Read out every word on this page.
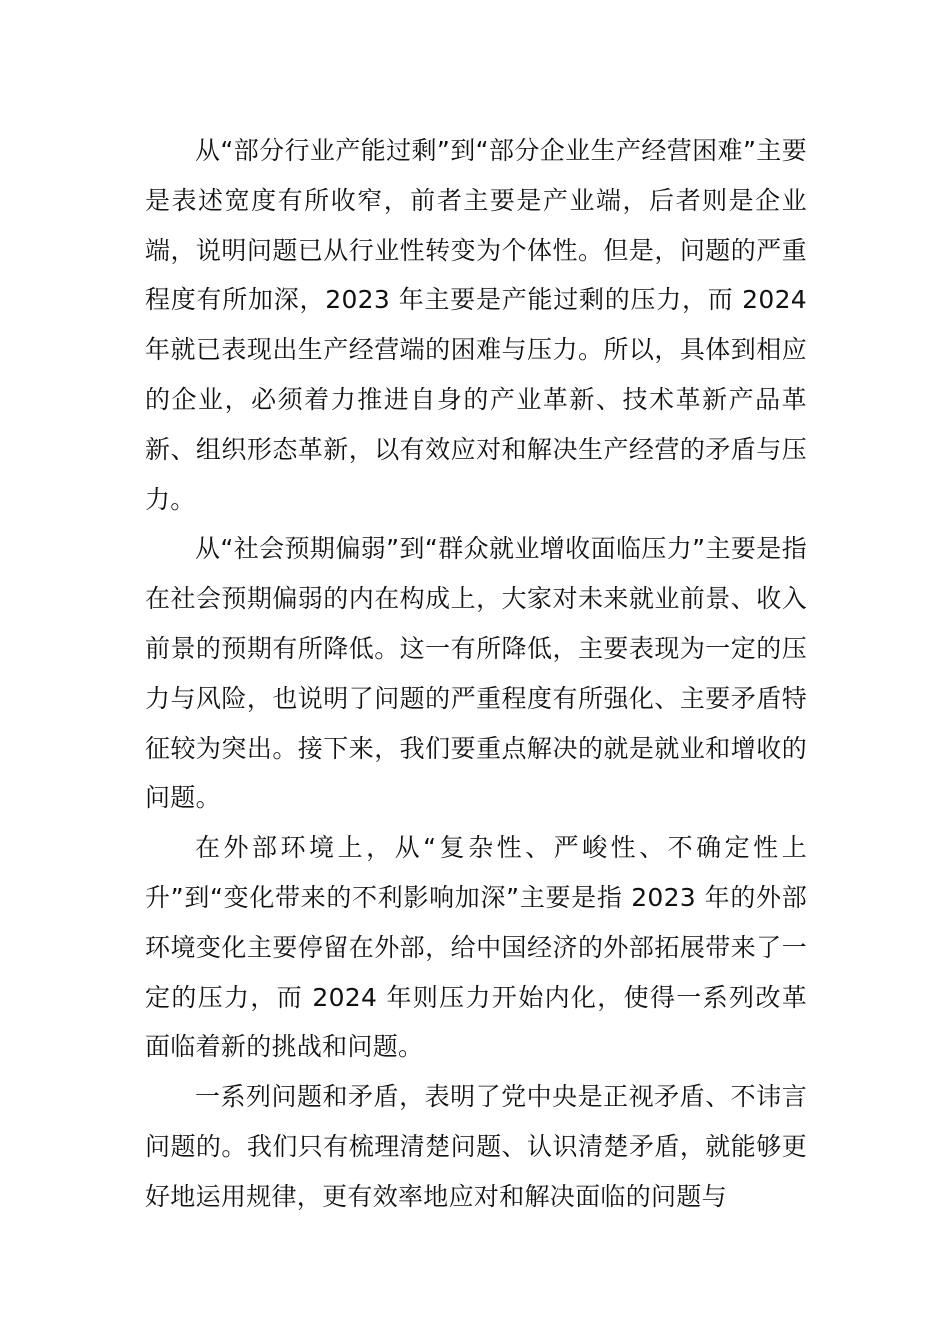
从“部分行业产能过剩”到“部分企业生产经营困难”主要是表述宽度有所收窄，前者主要是产业端，后者则是企业端，说明问题已从行业性转变为个体性。但是，问题的严重程度有所加深，2023 年主要是产能过剩的压力，而 2024 年就已表现出生产经营端的困难与压力。所以，具体到相应的企业，必须着力推进自身的产业革新、技术革新产品革新、组织形态革新，以有效应对和解决生产经营的矛盾与压力。

从“社会预期偏弱”到“群众就业增收面临压力”主要是指在社会预期偏弱的内在构成上，大家对未来就业前景、收入前景的预期有所降低。这一有所降低，主要表现为一定的压力与风险，也说明了问题的严重程度有所强化、主要矛盾特征较为突出。接下来，我们要重点解决的就是就业和增收的问题。

在外部环境上，从“复杂性、严峻性、不确定性上升”到“变化带来的不利影响加深”主要是指 2023 年的外部环境变化主要停留在外部，给中国经济的外部拓展带来了一定的压力，而 2024 年则压力开始内化，使得一系列改革面临着新的挑战和问题。

一系列问题和矛盾，表明了党中央是正视矛盾、不讳言问题的。我们只有梳理清楚问题、认识清楚矛盾，就能够更好地运用规律，更有效率地应对和解决面临的问题与
